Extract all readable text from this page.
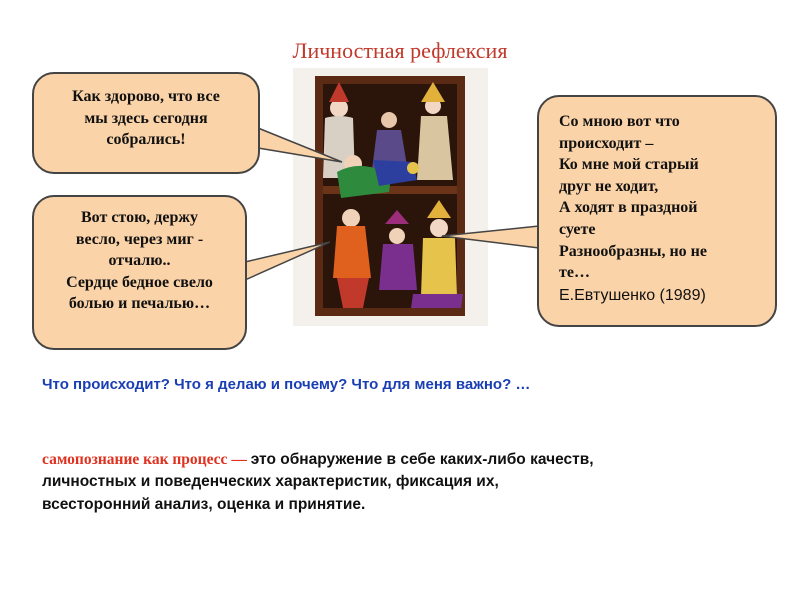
Личностная рефлексия
Как здорово, что все
мы здесь сегодня
собрались!
Вот стою, держу
весло, через миг -
отчалю..
Сердце бедное свело
болью и печалью…
Со мною вот что
происходит –
Ко мне мой старый
друг не ходит,
А ходят в праздной
суете
Разнообразны, но не
те…
Е.Евтушенко (1989)
Что происходит? Что я делаю и почему? Что для меня важно? …
самопознание как процесс — это обнаружение в себе каких-либо качеств,
личностных и поведенческих характеристик, фиксация их,
всесторонний анализ, оценка и принятие.
